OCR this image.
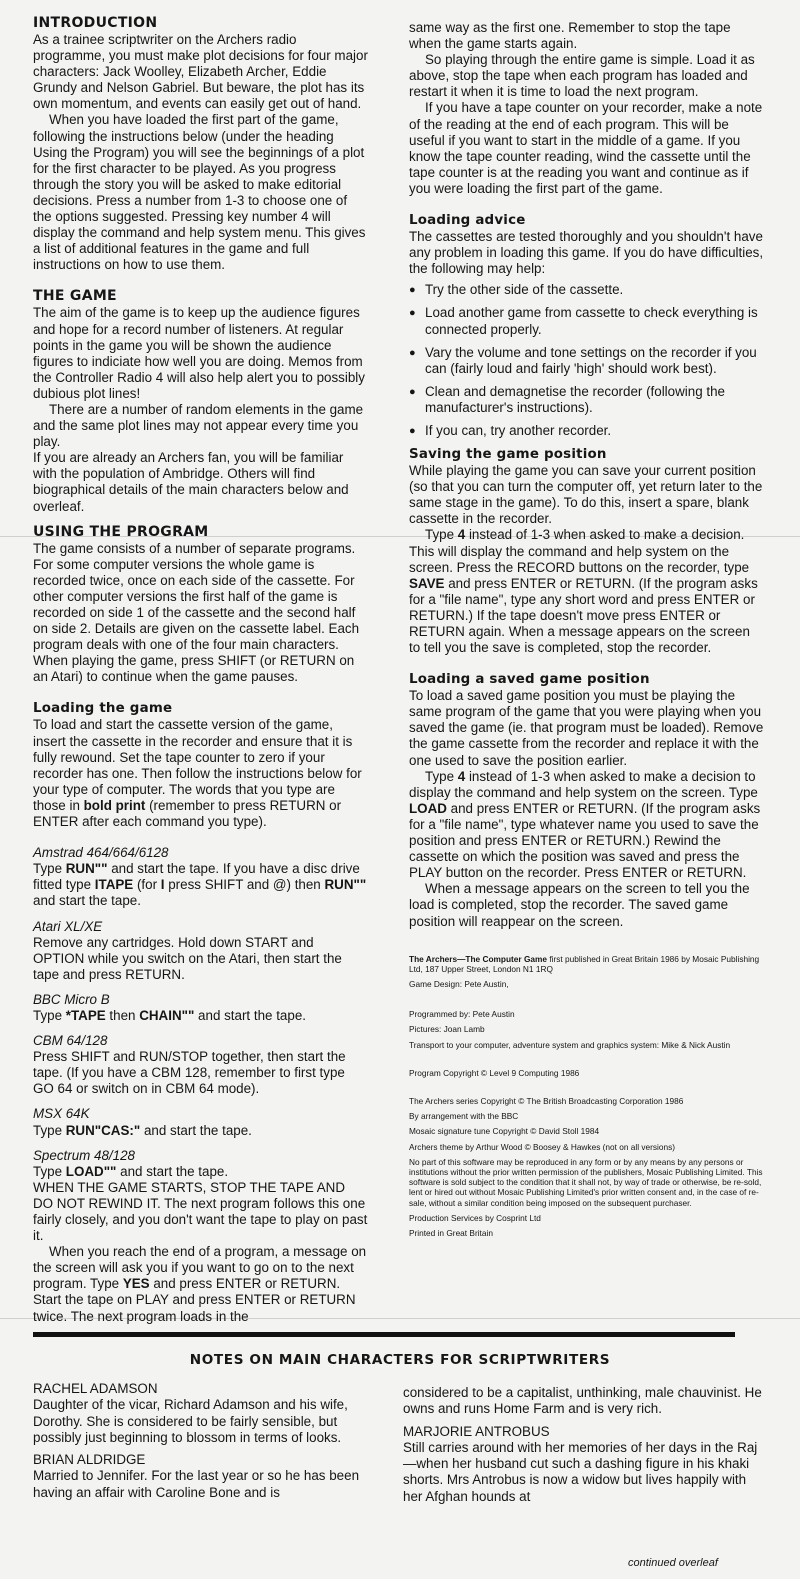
INTRODUCTION

As a trainee scriptwriter on the Archers radio programme, you must make plot decisions for four major characters: Jack Woolley, Elizabeth Archer, Eddie Grundy and Nelson Gabriel. But beware, the plot has its own momentum, and events can easily get out of hand.

When you have loaded the first part of the game, following the instructions below (under the heading Using the Program) you will see the beginnings of a plot for the first character to be played. As you progress through the story you will be asked to make editorial decisions. Press a number from 1-3 to choose one of the options suggested. Pressing key number 4 will display the command and help system menu. This gives a list of additional features in the game and full instructions on how to use them.

THE GAME

The aim of the game is to keep up the audience figures and hope for a record number of listeners. At regular points in the game you will be shown the audience figures to indiciate how well you are doing. Memos from the Controller Radio 4 will also help alert you to possibly dubious plot lines!

There are a number of random elements in the game and the same plot lines may not appear every time you play.

If you are already an Archers fan, you will be familiar with the population of Ambridge. Others will find biographical details of the main characters below and overleaf.

USING THE PROGRAM

The game consists of a number of separate programs. For some computer versions the whole game is recorded twice, once on each side of the cassette. For other computer versions the first half of the game is recorded on side 1 of the cassette and the second half on side 2. Details are given on the cassette label. Each program deals with one of the four main characters. When playing the game, press SHIFT (or RETURN on an Atari) to continue when the game pauses.

Loading the game

To load and start the cassette version of the game, insert the cassette in the recorder and ensure that it is fully rewound. Set the tape counter to zero if your recorder has one. Then follow the instructions below for your type of computer. The words that you type are those in bold print (remember to press RETURN or ENTER after each command you type).

Amstrad 464/664/6128

Type RUN"" and start the tape. If you have a disc drive fitted type ITAPE (for I press SHIFT and @) then RUN"" and start the tape.

Atari XL/XE

Remove any cartridges. Hold down START and OPTION while you switch on the Atari, then start the tape and press RETURN.

BBC Micro B

Type *TAPE then CHAIN"" and start the tape.

CBM 64/128

Press SHIFT and RUN/STOP together, then start the tape. (If you have a CBM 128, remember to first type GO 64 or switch on in CBM 64 mode).

MSX 64K

Type RUN"CAS:" and start the tape.

Spectrum 48/128

Type LOAD"" and start the tape.

WHEN THE GAME STARTS, STOP THE TAPE AND DO NOT REWIND IT. The next program follows this one fairly closely, and you don't want the tape to play on past it.

When you reach the end of a program, a message on the screen will ask you if you want to go on to the next program. Type YES and press ENTER or RETURN. Start the tape on PLAY and press ENTER or RETURN twice. The next program loads in the

same way as the first one. Remember to stop the tape when the game starts again.

So playing through the entire game is simple. Load it as above, stop the tape when each program has loaded and restart it when it is time to load the next program.

If you have a tape counter on your recorder, make a note of the reading at the end of each program. This will be useful if you want to start in the middle of a game. If you know the tape counter reading, wind the cassette until the tape counter is at the reading you want and continue as if you were loading the first part of the game.

Loading advice

The cassettes are tested thoroughly and you shouldn't have any problem in loading this game. If you do have difficulties, the following may help:

● Try the other side of the cassette.
● Load another game from cassette to check everything is connected properly.
● Vary the volume and tone settings on the recorder if you can (fairly loud and fairly 'high' should work best).
● Clean and demagnetise the recorder (following the manufacturer's instructions).
● If you can, try another recorder.
Saving the game position

While playing the game you can save your current position (so that you can turn the computer off, yet return later to the same stage in the game). To do this, insert a spare, blank cassette in the recorder.

Type 4 instead of 1-3 when asked to make a decision. This will display the command and help system on the screen. Press the RECORD buttons on the recorder, type SAVE and press ENTER or RETURN. (If the program asks for a "file name", type any short word and press ENTER or RETURN.) If the tape doesn't move press ENTER or RETURN again. When a message appears on the screen to tell you the save is completed, stop the recorder.

Loading a saved game position

To load a saved game position you must be playing the same program of the game that you were playing when you saved the game (ie. that program must be loaded). Remove the game cassette from the recorder and replace it with the one used to save the position earlier.

Type 4 instead of 1-3 when asked to make a decision to display the command and help system on the screen. Type LOAD and press ENTER or RETURN. (If the program asks for a "file name", type whatever name you used to save the position and press ENTER or RETURN.) Rewind the cassette on which the position was saved and press the PLAY button on the recorder. Press ENTER or RETURN.

When a message appears on the screen to tell you the load is completed, stop the recorder. The saved game position will reappear on the screen.

The Archers—The Computer Game first published in Great Britain 1986 by Mosaic Publishing Ltd, 187 Upper Street, London N1 1RQ

Game Design: Pete Austin,

Programmed by: Pete Austin

Pictures: Joan Lamb

Transport to your computer, adventure system and graphics system: Mike & Nick Austin

Program Copyright © Level 9 Computing 1986

The Archers series Copyright © The British Broadcasting Corporation 1986

By arrangement with the BBC

Mosaic signature tune Copyright © David Stoll 1984

Archers theme by Arthur Wood © Boosey & Hawkes (not on all versions)

No part of this software may be reproduced in any form or by any means by any persons or institutions without the prior written permission of the publishers, Mosaic Publishing Limited. This software is sold subject to the condition that it shall not, by way of trade or otherwise, be re-sold, lent or hired out without Mosaic Publishing Limited's prior written consent and, in the case of re-sale, without a similar condition being imposed on the subsequent purchaser.

Production Services by Cosprint Ltd

Printed in Great Britain

NOTES ON MAIN CHARACTERS FOR SCRIPTWRITERS

RACHEL ADAMSON

Daughter of the vicar, Richard Adamson and his wife, Dorothy. She is considered to be fairly sensible, but possibly just beginning to blossom in terms of looks.

BRIAN ALDRIDGE

Married to Jennifer. For the last year or so he has been having an affair with Caroline Bone and is

considered to be a capitalist, unthinking, male chauvinist. He owns and runs Home Farm and is very rich.

MARJORIE ANTROBUS

Still carries around with her memories of her days in the Raj—when her husband cut such a dashing figure in his khaki shorts. Mrs Antrobus is now a widow but lives happily with her Afghan hounds at

continued overleaf
